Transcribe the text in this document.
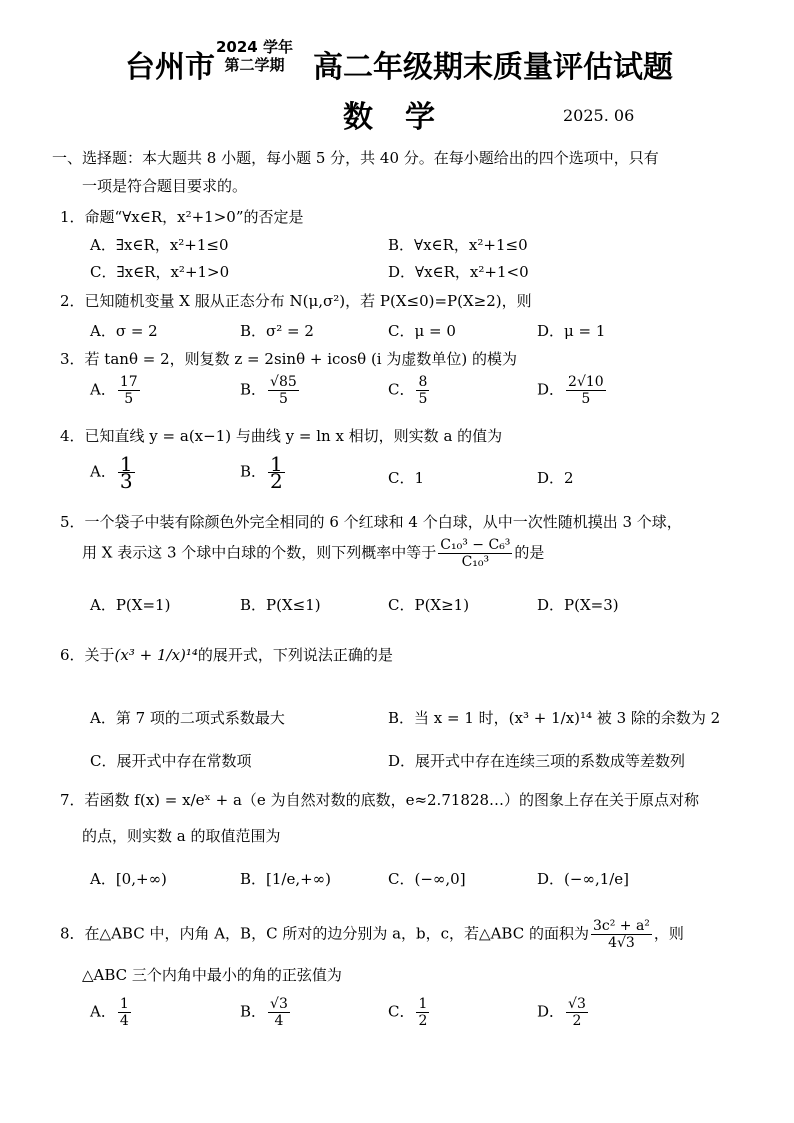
台州市
2024 学年
第二学期 高二年级期末质量评估试题
数学	2025. 06
一、选择题：本大题共 8 小题，每小题 5 分，共 40 分。在每小题给出的四个选项中，只有
一项是符合题目要求的。
1．命题“∀x∈R，x²+1>0”的否定是
A．∃x∈R，x²+1≤0	B．∀x∈R，x²+1≤0
C．∃x∈R，x²+1>0	D．∀x∈R，x²+1<0
2．已知随机变量 X 服从正态分布 N(μ,σ²)，若 P(X≤0)=P(X≥2)，则
A．σ = 2	B．σ² = 2	C．μ = 0	D．μ = 1
3．若 tanθ = 2，则复数 z = 2sinθ + icosθ (i 为虚数单位) 的模为
A． $\frac{17}{5}$	B． $\frac{√85}{5}$	C． $\frac{8}{5}$	D． $\frac{2√10}{5}$
4．已知直线 y = a(x−1) 与曲线 y = ln x 相切，则实数 a 的值为
A． $\frac{1}{3}$	B． $\frac{1}{2}$	C．1	D．2
5．一个袋子中装有除颜色外完全相同的 6 个红球和 4 个白球，从中一次性随机摸出 3 个球，
用 X 表示这 3 个球中白球的个数，则下列概率中等于 $\frac{\text{C₁₀³ − C₆³}}{\text{C₁₀³}}$ 的是
A．P(X=1)	B．P(X≤1)	C．P(X≥1)	D．P(X=3)
6．关于(x³ + 1/x)¹⁴的展开式，下列说法正确的是
A．第 7 项的二项式系数最大	B．当 x = 1 时，(x³ + 1/x)¹⁴ 被 3 除的余数为 2
C．展开式中存在常数项	D．展开式中存在连续三项的系数成等差数列
7．若函数 f(x) = x/eˣ + a（e 为自然对数的底数，e≈2.71828…）的图象上存在关于原点对称
的点，则实数 a 的取值范围为
A．[0,+∞)	B．[1/e,+∞)	C．(−∞,0]	D．(−∞,1/e]
8．在△ABC 中，内角 A，B，C 所对的边分别为 a，b，c，若△ABC 的面积为 $\frac{\text{3c² + a²}}{4√3}$ ，则
△ABC 三个内角中最小的角的正弦值为
A． $\frac{1}{4}$	B． $\frac{√3}{4}$	C． $\frac{1}{2}$	D． $\frac{√3}{2}$
